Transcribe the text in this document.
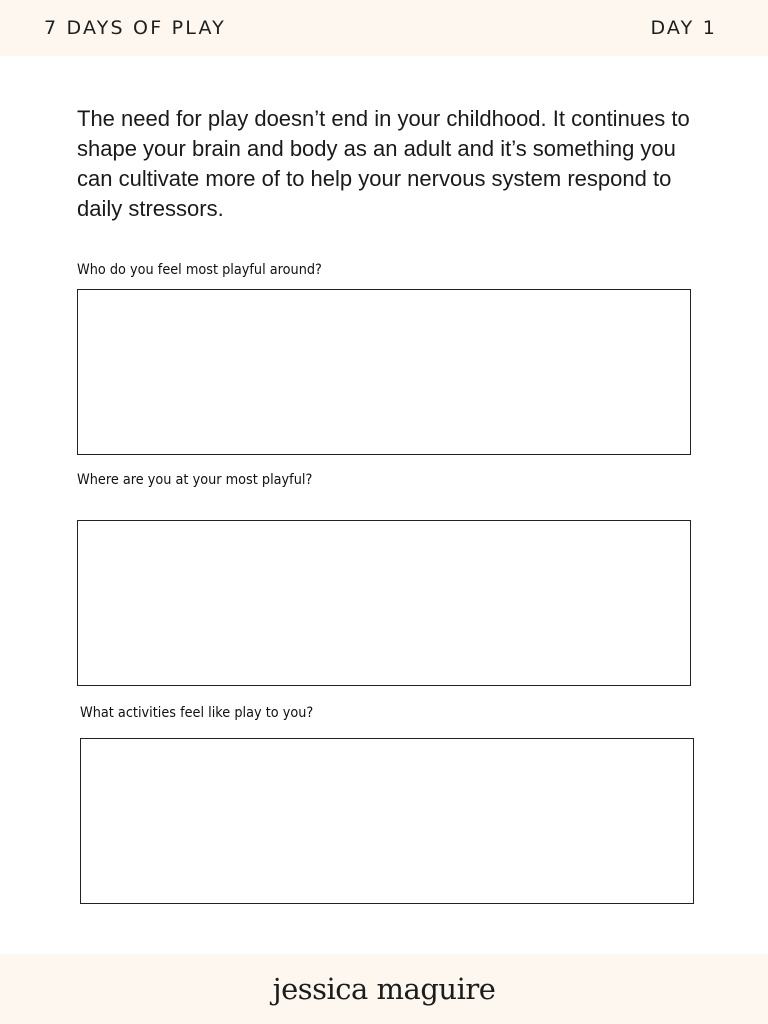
7 DAYS OF PLAY	DAY 1
The need for play doesn’t end in your childhood. It continues to shape your brain and body as an adult and it’s something you can cultivate more of to help your nervous system respond to daily stressors.
Who do you feel most playful around?
Where are you at your most playful?
What activities feel like play to you?
jessica maguire
